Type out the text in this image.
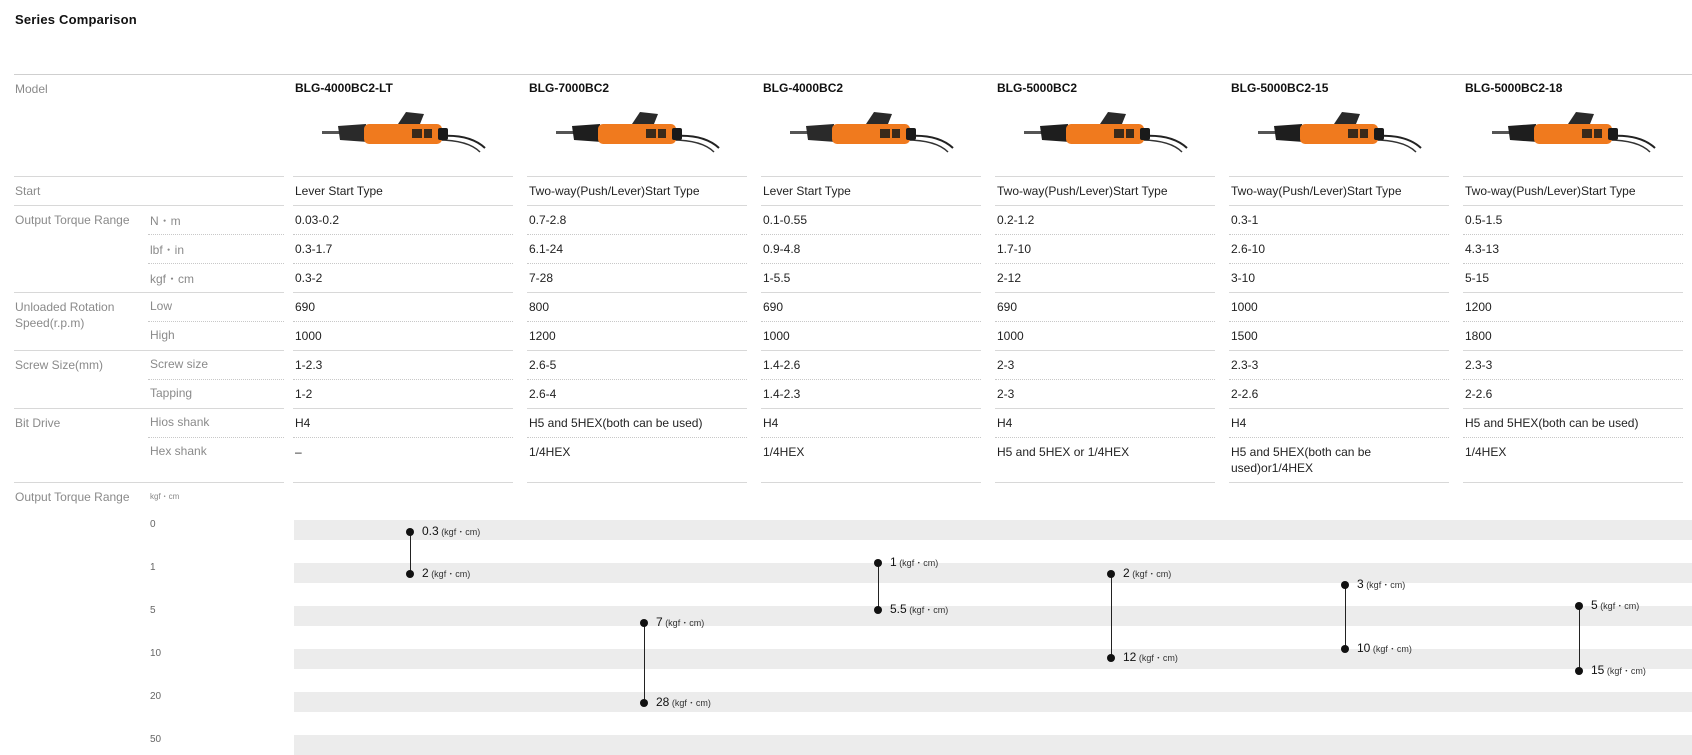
Series Comparison
Model
Start
Output Torque Range
Unloaded Rotation Speed(r.p.m)
Screw Size(mm)
Bit Drive
Output Torque Range
N・m
lbf・in
kgf・cm
Low
High
Screw size
Tapping
Hios shank
Hex shank
BLG-4000BC2-LT
Lever Start Type
0.03-0.2
0.3-1.7
0.3-2
690
1000
1-2.3
1-2
H4
–
BLG-7000BC2
Two-way(Push/Lever)Start Type
0.7-2.8
6.1-24
7-28
800
1200
2.6-5
2.6-4
H5 and 5HEX(both can be used)
1/4HEX
BLG-4000BC2
Lever Start Type
0.1-0.55
0.9-4.8
1-5.5
690
1000
1.4-2.6
1.4-2.3
H4
1/4HEX
BLG-5000BC2
Two-way(Push/Lever)Start Type
0.2-1.2
1.7-10
2-12
690
1000
2-3
2-3
H4
H5 and 5HEX or 1/4HEX
BLG-5000BC2-15
Two-way(Push/Lever)Start Type
0.3-1
2.6-10
3-10
1000
1500
2.3-3
2-2.6
H4
H5 and 5HEX(both can be used)or1/4HEX
BLG-5000BC2-18
Two-way(Push/Lever)Start Type
0.5-1.5
4.3-13
5-15
1200
1800
2.3-3
2-2.6
H5 and 5HEX(both can be used)
1/4HEX
kgf・cm
0
1
5
10
20
50
0.3 (kgf・cm)
2 (kgf・cm)
7 (kgf・cm)
28 (kgf・cm)
1 (kgf・cm)
5.5 (kgf・cm)
2 (kgf・cm)
12 (kgf・cm)
3 (kgf・cm)
10 (kgf・cm)
5 (kgf・cm)
15 (kgf・cm)
